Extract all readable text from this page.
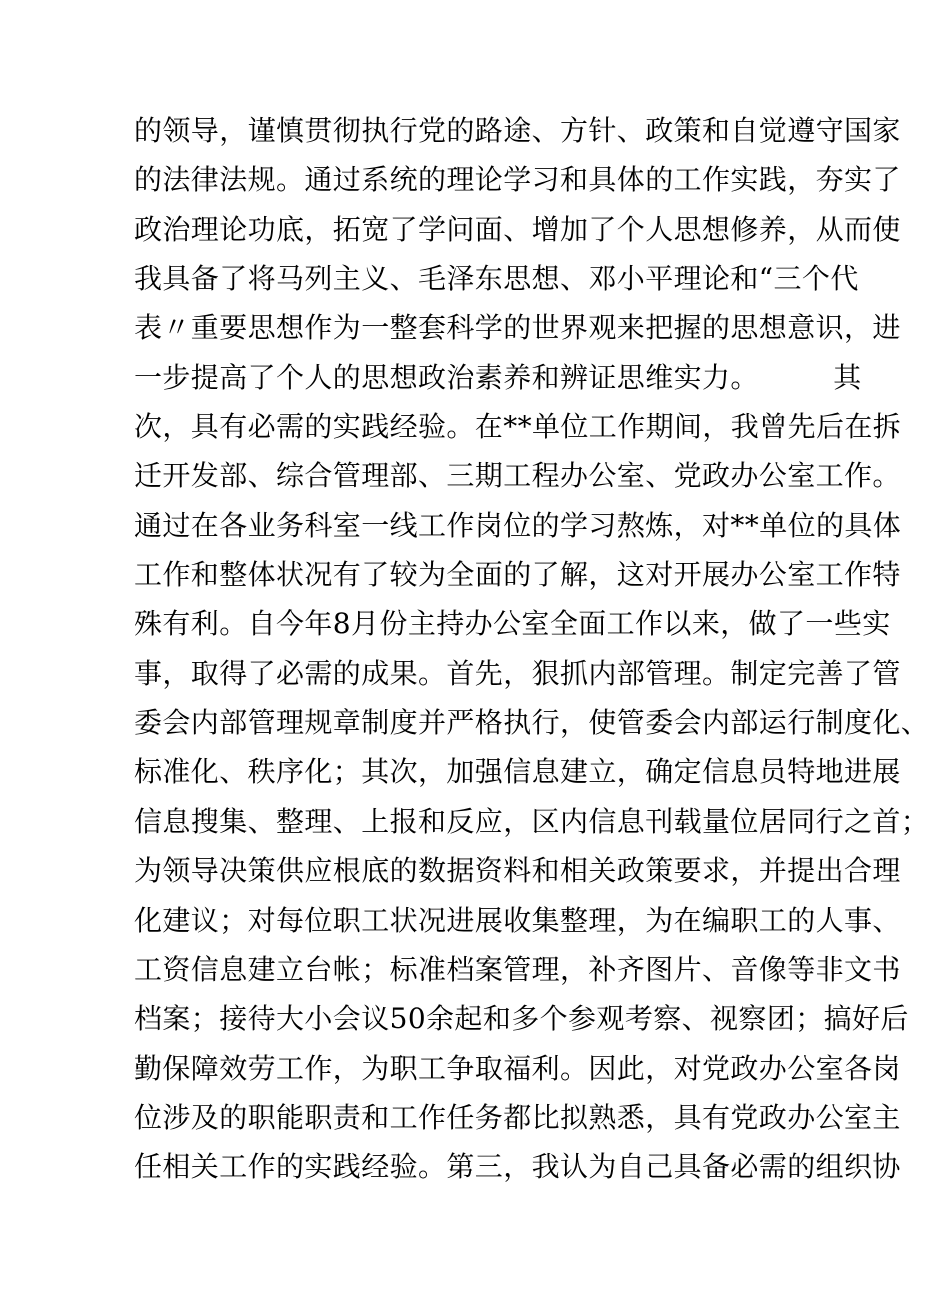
的领导，谨慎贯彻执行党的路途、方针、政策和自觉遵守国家
的法律法规。通过系统的理论学习和具体的工作实践，夯实了
政治理论功底，拓宽了学问面、增加了个人思想修养，从而使
我具备了将马列主义、毛泽东思想、邓小平理论和“三个代
表〃重要思想作为一整套科学的世界观来把握的思想意识，进
一步提高了个人的思想政治素养和辨证思维实力。        其
次，具有必需的实践经验。在**单位工作期间，我曾先后在拆
迁开发部、综合管理部、三期工程办公室、党政办公室工作。
通过在各业务科室一线工作岗位的学习熬炼，对**单位的具体
工作和整体状况有了较为全面的了解，这对开展办公室工作特
殊有利。自今年8月份主持办公室全面工作以来，做了一些实
事，取得了必需的成果。首先，狠抓内部管理。制定完善了管
委会内部管理规章制度并严格执行，使管委会内部运行制度化、
标准化、秩序化；其次，加强信息建立，确定信息员特地进展
信息搜集、整理、上报和反应，区内信息刊载量位居同行之首；
为领导决策供应根底的数据资料和相关政策要求，并提出合理
化建议；对每位职工状况进展收集整理，为在编职工的人事、
工资信息建立台帐；标准档案管理，补齐图片、音像等非文书
档案；接待大小会议50余起和多个参观考察、视察团；搞好后
勤保障效劳工作，为职工争取福利。因此，对党政办公室各岗
位涉及的职能职责和工作任务都比拟熟悉，具有党政办公室主
任相关工作的实践经验。第三，我认为自己具备必需的组织协
